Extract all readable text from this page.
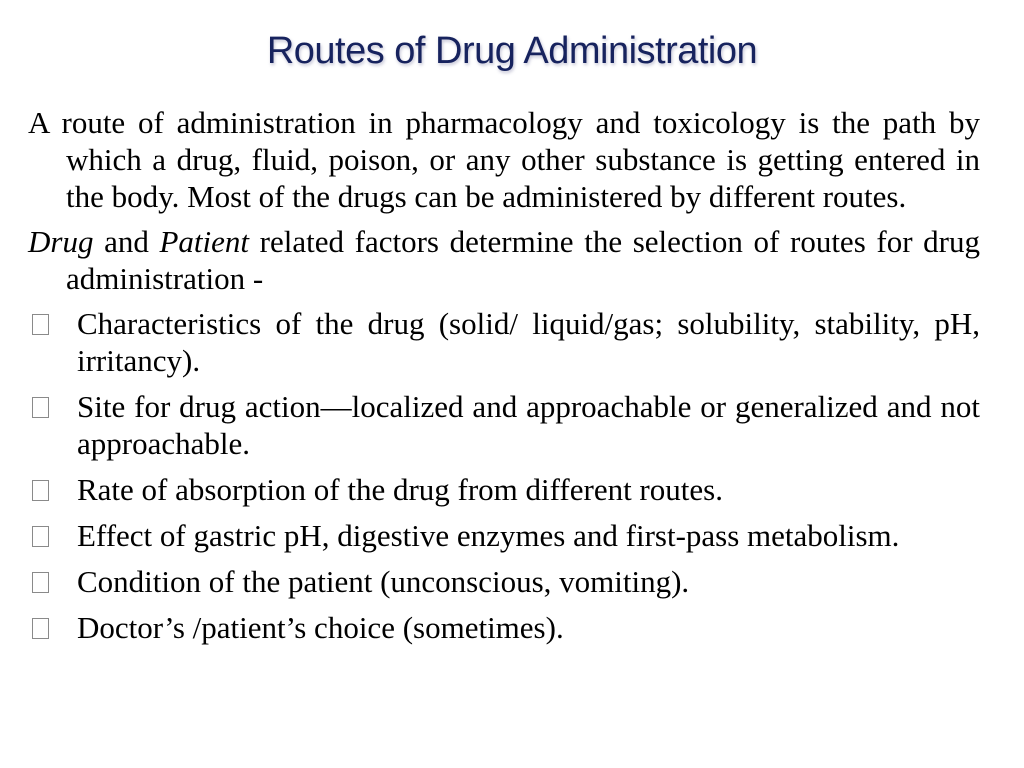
Routes of Drug Administration

A route of administration in pharmacology and toxicology is the path by which a drug, fluid, poison, or any other substance is getting entered in the body. Most of the drugs can be administered by different routes.

Drug and Patient related factors determine the selection of routes for drug administration -

Characteristics of the drug (solid/ liquid/gas; solubility, stability, pH, irritancy).
Site for drug action—localized and approachable or generalized and not approachable.
Rate of absorption of the drug from different routes.
Effect of gastric pH, digestive enzymes and first-pass metabolism.
Condition of the patient (unconscious, vomiting).
Doctor’s /patient’s choice (sometimes).
